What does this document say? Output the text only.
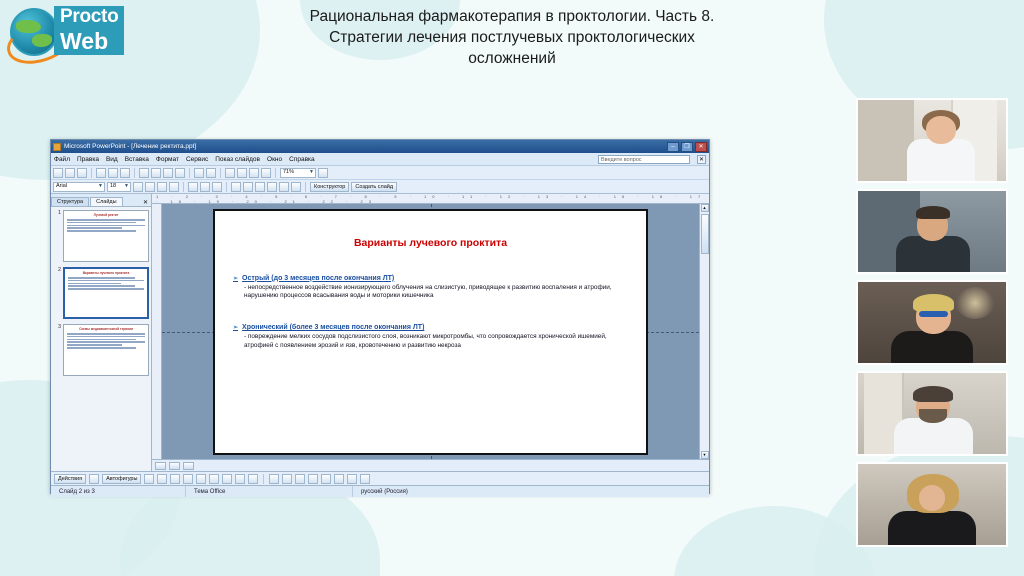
Procto
Web
Рациональная фармакотерапия в проктологии. Часть 8.
Стратегии лечения постлучевых проктологических
осложнений
Microsoft PowerPoint - [Лечение ректита.ppt]	–	❐	✕
Файл Правка Вид Вставка Формат Сервис Показ слайдов Окно Справка	Введите вопрос	✕
71%	▼
Arial	▼ 18 ▼	Конструктор	Создать слайд
Структура	Слайды	✕
1	Лучевой ректит
2	Варианты лучевого проктита
3	Схемы медикаментозной терапии
1 · 2 · 3 · 4 · 5 · 6 · 7 · 8 · 9 · 10 · 11 · 12 · 13 · 14 · 15 · 16 · 17 · 18 · 19 · 20 · 21 · 22 · 23
Варианты лучевого проктита
➢ Острый (до 3 месяцев после окончания ЛТ)
- непосредственное воздействие ионизирующего облучения на слизистую, приводящее к развитию воспаления и атрофии, нарушению процессов всасывания воды и моторики кишечника
➢ Хронический (более 3 месяцев после окончания ЛТ)
- повреждение мелких сосудов подслизистого слоя, возникают микротромбы, что сопровождается хронической ишемией, атрофией с появлением эрозий и язв, кровотечению и развитию некроза
▲
▼
Действия	Автофигуры
Слайд 2 из 3	Тема Office	русский (Россия)
